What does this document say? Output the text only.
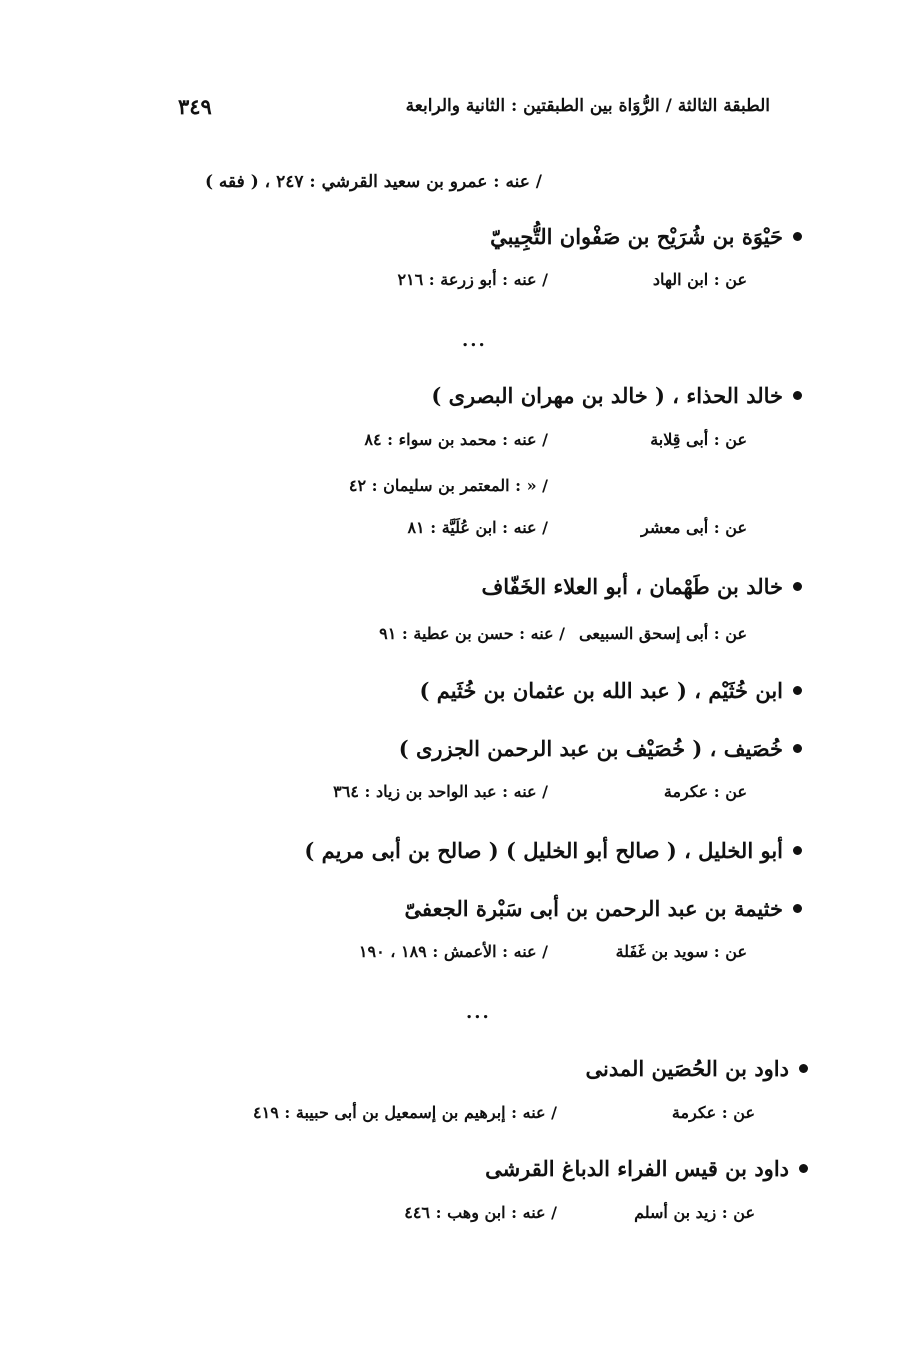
الطبقة الثالثة / الرُّوَاة بين الطبقتين : الثانية والرابعة
٣٤٩
/ عنه : عمرو بن سعيد القرشي : ٢٤٧ ، ( فقه )
حَيْوَة بن شُرَيْح بن صَفْوان التُّجِيبيّ
عن : ابن الهاد
/ عنه : أبو زرعة : ٢١٦
...
خالد الحذاء ، ( خالد بن مهران البصرى )
عن : أبى قِلابة
/ عنه : محمد بن سواء : ٨٤
/ « : المعتمر بن سليمان : ٤٢
عن : أبى معشر
/ عنه : ابن عُلَيَّة : ٨١
خالد بن طَهْمان ، أبو العلاء الخَفّاف
عن : أبى إسحق السبيعى
/ عنه : حسن بن عطية : ٩١
ابن خُثَيْم ، ( عبد الله بن عثمان بن خُثَيم )
خُصَيف ، ( خُصَيْف بن عبد الرحمن الجزرى )
عن : عكرمة
/ عنه : عبد الواحد بن زياد : ٣٦٤
أبو الخليل ، ( صالح أبو الخليل ) ( صالح بن أبى مريم )
خثيمة بن عبد الرحمن بن أبى سَبْرة الجعفىّ
عن : سويد بن غَفَلة
/ عنه : الأعمش : ١٨٩ ، ١٩٠
...
داود بن الحُصَين المدنى
عن : عكرمة
/ عنه : إبرهيم بن إسمعيل بن أبى حبيبة : ٤١٩
داود بن قيس الفراء الدباغ القرشى
عن : زيد بن أسلم
/ عنه : ابن وهب : ٤٤٦
